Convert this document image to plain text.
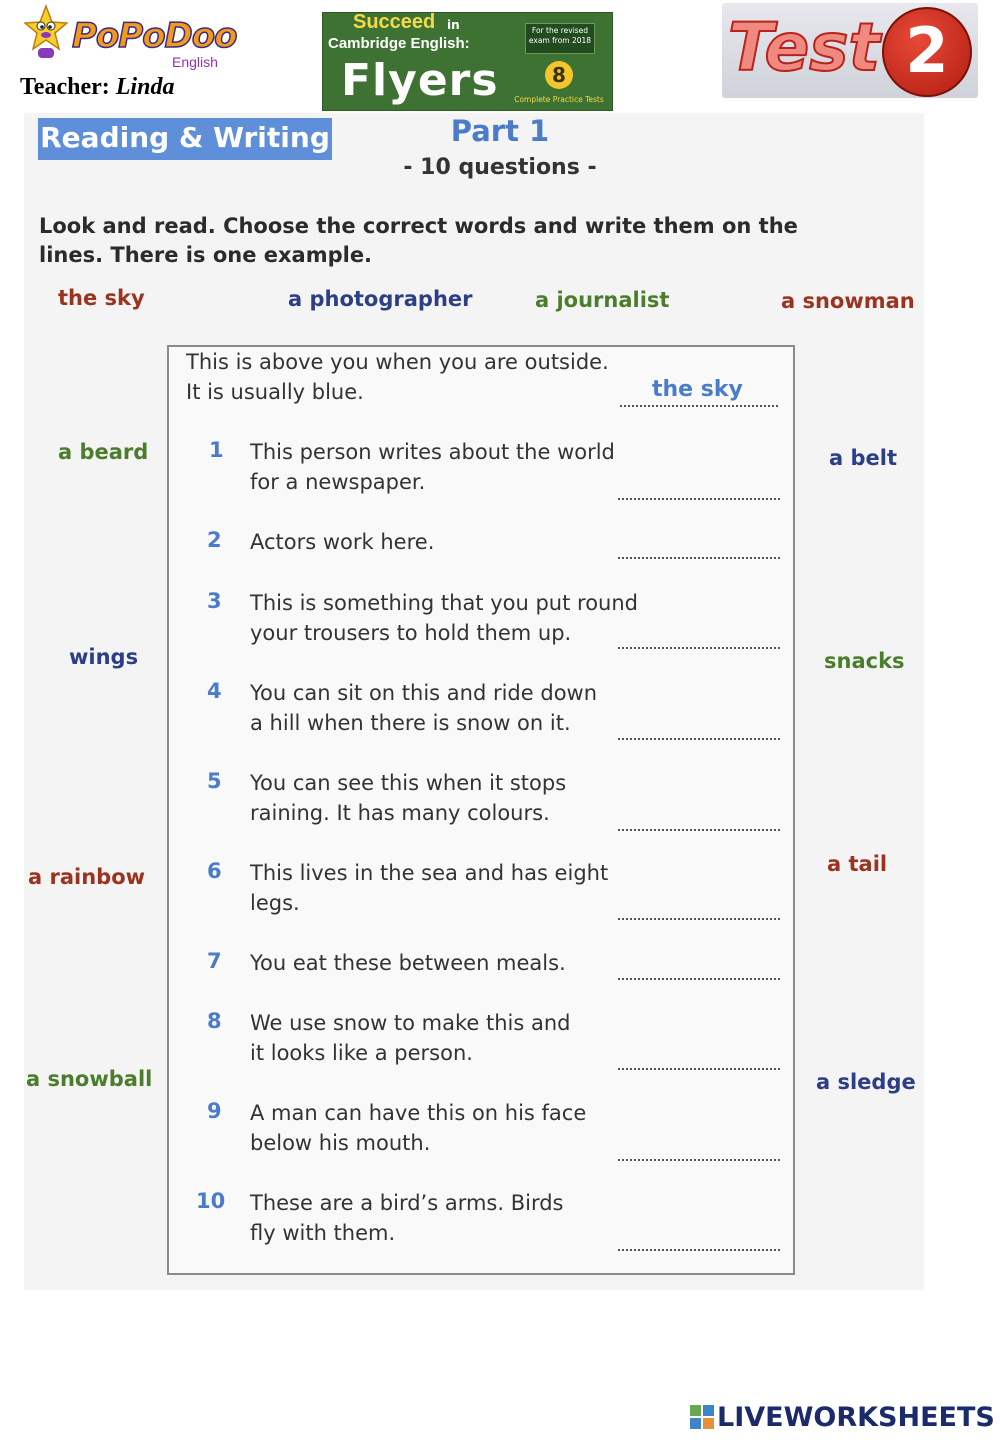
PoPoDoo
English
Teacher: Linda
Succeed in
Cambridge English:
Flyers
For the revised exam from 2018
8
Complete Practice Tests
Test 2
Reading & Writing	Part 1
- 10 questions -
Look and read. Choose the correct words and write them on the lines. There is one example.
the sky	a photographer	a journalist	a snowman
a beard	a belt
wings	snacks
a rainbow
a tail
a snowball	a sledge
This is above you when you are outside.
It is usually blue.	the sky
1 This person writes about the world
for a newspaper.
2 Actors work here.
3 This is something that you put round
your trousers to hold them up.
4 You can sit on this and ride down
a hill when there is snow on it.
5 You can see this when it stops
raining. It has many colours.
6 This lives in the sea and has eight
legs.
7 You eat these between meals.
8 We use snow to make this and
it looks like a person.
9 A man can have this on his face
below his mouth.
10 These are a bird’s arms. Birds
fly with them.
LIVEWORKSHEETS
